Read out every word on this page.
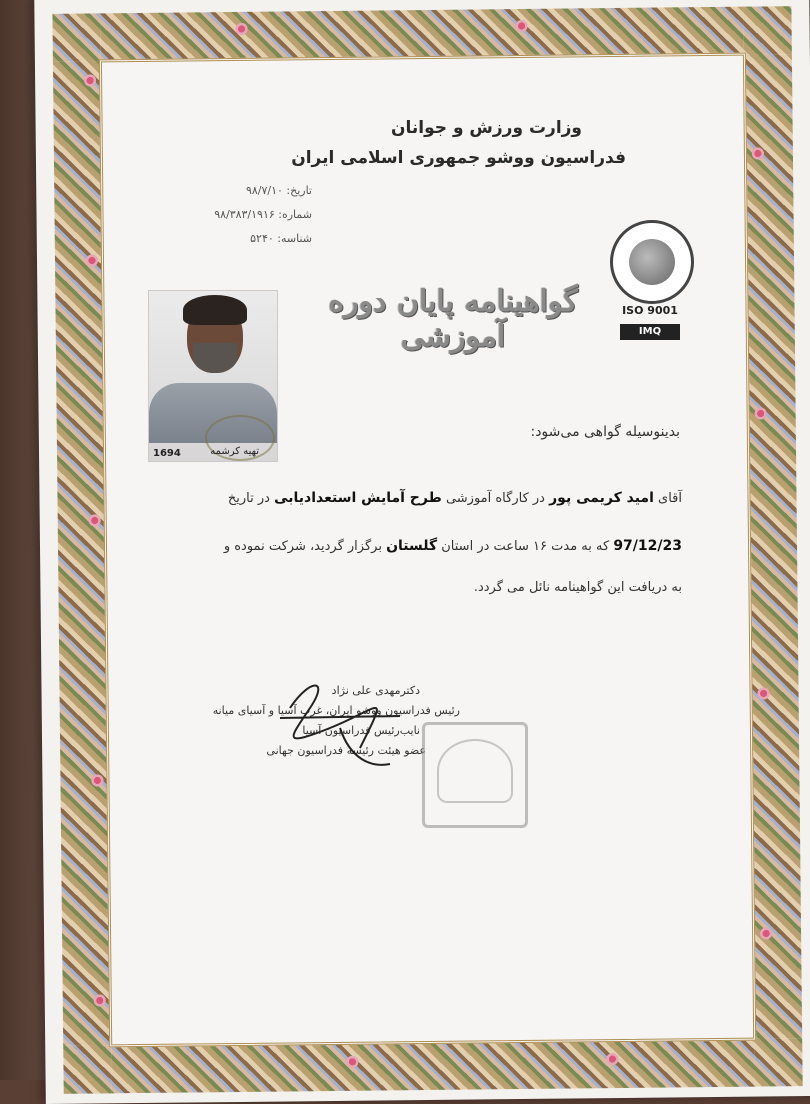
وزارت ورزش و جوانان
فدراسیون ووشو جمهوری اسلامی ایران
تاریخ: ۹۸/۷/۱۰
شماره: ۹۸/۳۸۳/۱۹۱۶
شناسه: ۵۲۴۰
ISO 9001
IMQ
گواهینامه پایان دوره آموزشی
1694	تهیه کرشمه
بدینوسیله گواهی می‌شود:
آقای امید کریمی پور در کارگاه آموزشی طرح آمایش استعدادیابی در تاریخ
97/12/23 که به مدت ۱۶ ساعت در استان گلستان برگزار گردید، شرکت نموده و
به دریافت این گواهینامه نائل می گردد.
دکترمهدی علی نژاد
رئیس فدراسیون ووشو ایران، غرب آسیا و آسیای میانه
نایب‌رئیس فدراسیون آسیا
عضو هیئت رئیسه فدراسیون جهانی
